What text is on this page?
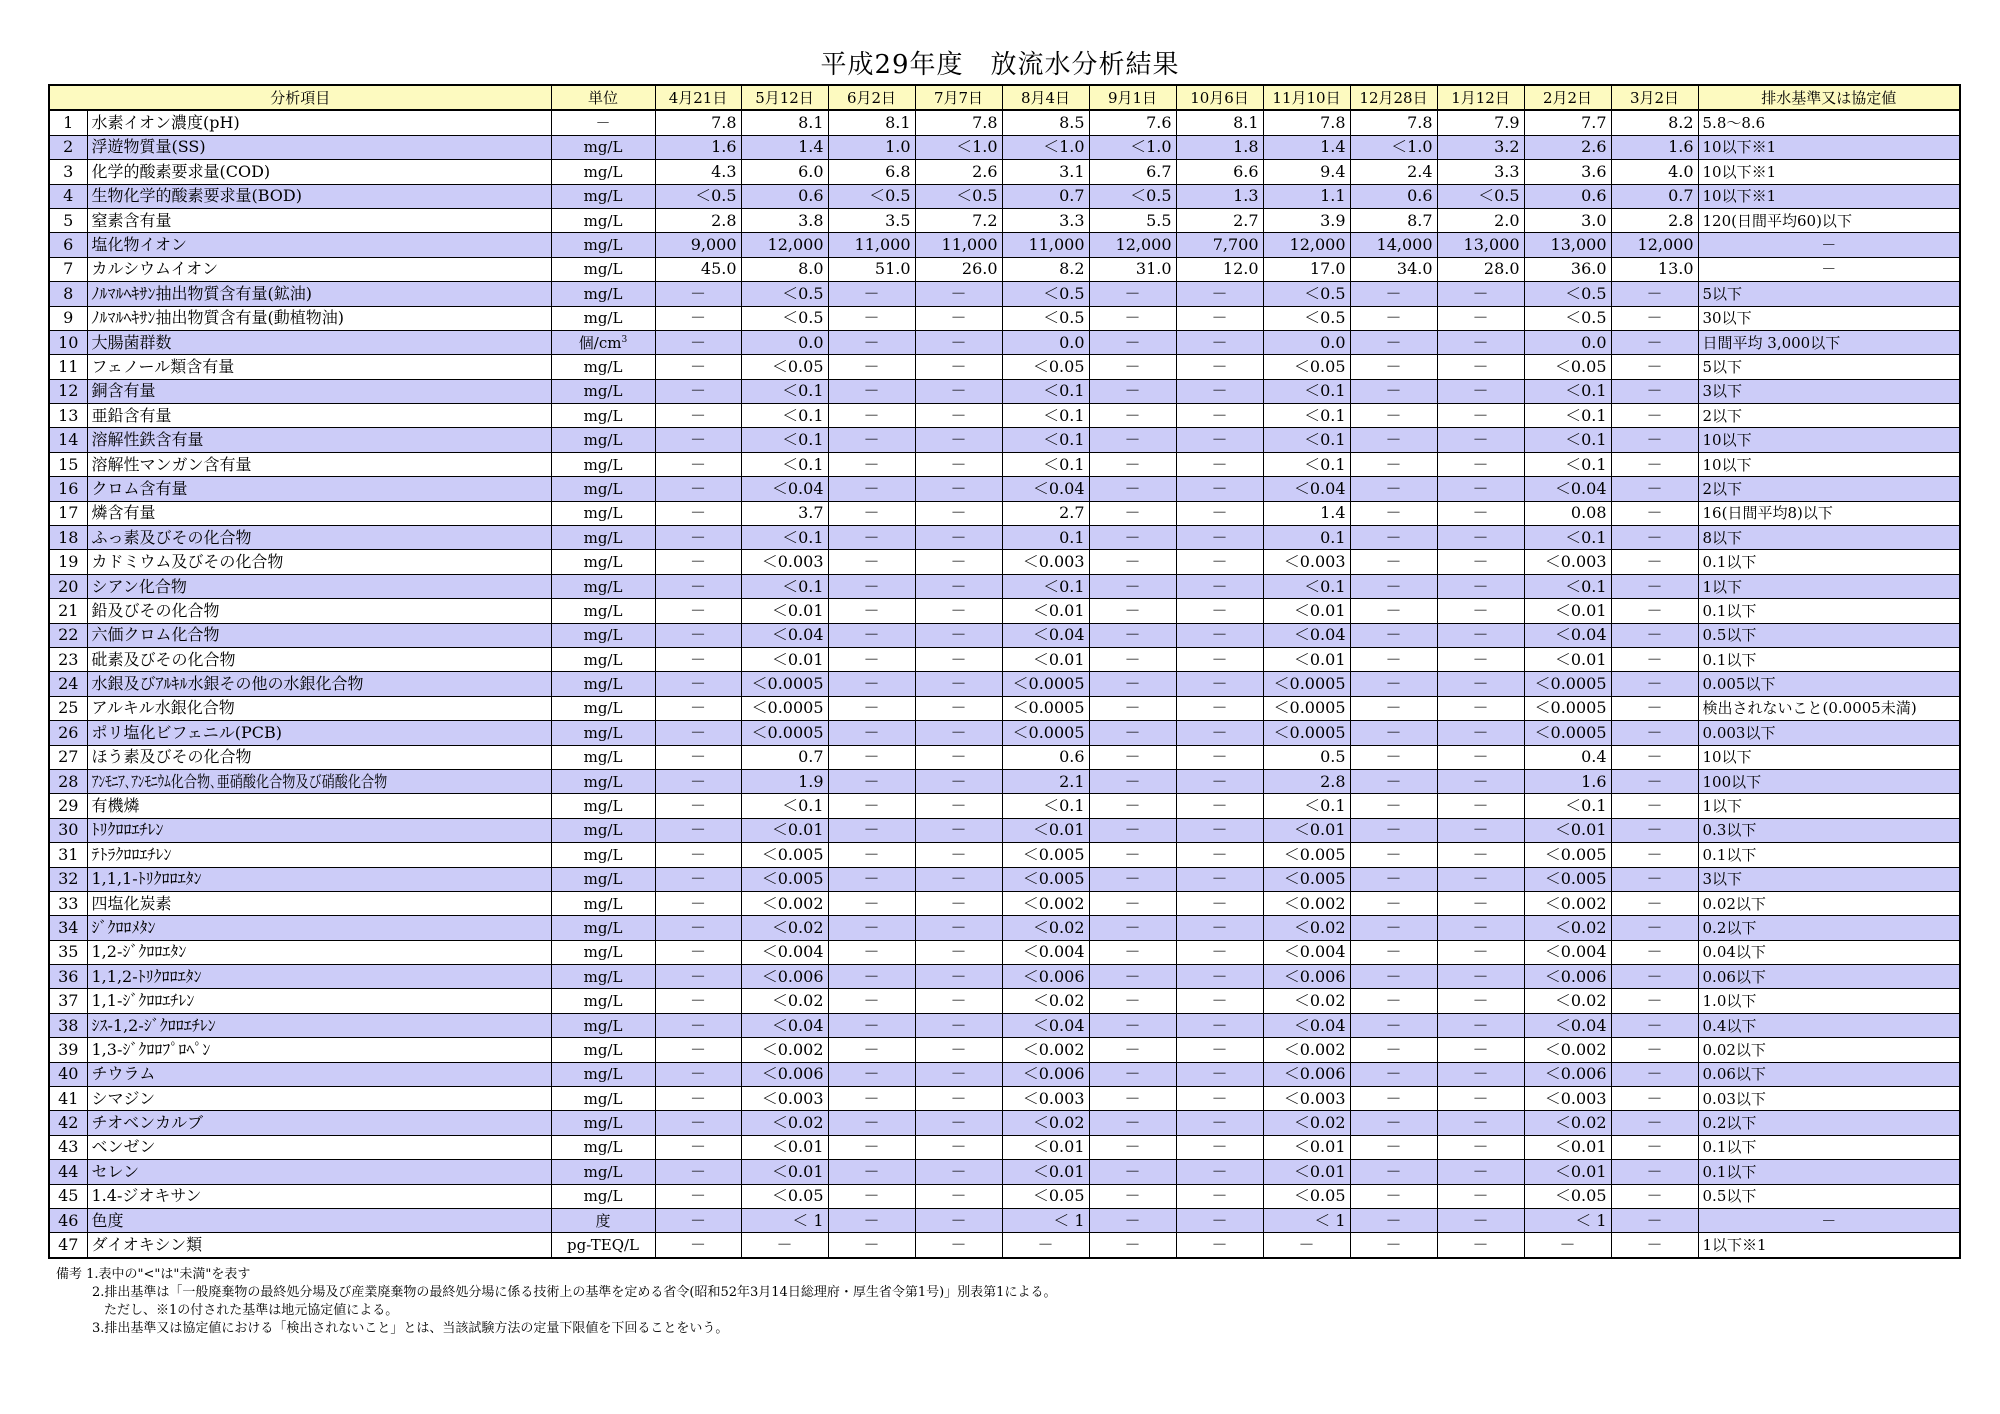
平成29年度　放流水分析結果
分析項目		単位	4月21日	5月12日	6月2日	7月7日	8月4日	9月1日	10月6日	11月10日	12月28日	1月12日	2月2日	3月2日	排水基準又は協定値
1	水素イオン濃度(pH)	－	7.8	8.1	8.1	7.8	8.5	7.6	8.1	7.8	7.8	7.9	7.7	8.2	5.8～8.6
2	浮遊物質量(SS)	mg/L	1.6	1.4	1.0	＜1.0	＜1.0	＜1.0	1.8	1.4	＜1.0	3.2	2.6	1.6	10以下※1
3	化学的酸素要求量(COD)	mg/L	4.3	6.0	6.8	2.6	3.1	6.7	6.6	9.4	2.4	3.3	3.6	4.0	10以下※1
4	生物化学的酸素要求量(BOD)	mg/L	＜0.5	0.6	＜0.5	＜0.5	0.7	＜0.5	1.3	1.1	0.6	＜0.5	0.6	0.7	10以下※1
5	窒素含有量	mg/L	2.8	3.8	3.5	7.2	3.3	5.5	2.7	3.9	8.7	2.0	3.0	2.8	120(日間平均60)以下
6	塩化物イオン	mg/L	9,000	12,000	11,000	11,000	11,000	12,000	7,700	12,000	14,000	13,000	13,000	12,000	－
7	カルシウムイオン	mg/L	45.0	8.0	51.0	26.0	8.2	31.0	12.0	17.0	34.0	28.0	36.0	13.0	－
8	ﾉﾙﾏﾙﾍｷｻﾝ抽出物質含有量(鉱油)	mg/L	－	＜0.5	－	－	＜0.5	－	－	＜0.5	－	－	＜0.5	－	5以下
9	ﾉﾙﾏﾙﾍｷｻﾝ抽出物質含有量(動植物油)	mg/L	－	＜0.5	－	－	＜0.5	－	－	＜0.5	－	－	＜0.5	－	30以下
10	大腸菌群数	個$/cm^3$	－	0.0	－	－	0.0	－	－	0.0	－	－	0.0	－	日間平均 3,000以下
11	フェノール類含有量	mg/L	－	＜0.05	－	－	＜0.05	－	－	＜0.05	－	－	＜0.05	－	5以下
12	銅含有量	mg/L	－	＜0.1	－	－	＜0.1	－	－	＜0.1	－	－	＜0.1	－	3以下
13	亜鉛含有量	mg/L	－	＜0.1	－	－	＜0.1	－	－	＜0.1	－	－	＜0.1	－	2以下
14	溶解性鉄含有量	mg/L	－	＜0.1	－	－	＜0.1	－	－	＜0.1	－	－	＜0.1	－	10以下
15	溶解性マンガン含有量	mg/L	－	＜0.1	－	－	＜0.1	－	－	＜0.1	－	－	＜0.1	－	10以下
16	クロム含有量	mg/L	－	＜0.04	－	－	＜0.04	－	－	＜0.04	－	－	＜0.04	－	2以下
17	燐含有量	mg/L	－	3.7	－	－	2.7	－	－	1.4	－	－	0.08	－	16(日間平均8)以下
18	ふっ素及びその化合物	mg/L	－	＜0.1	－	－	0.1	－	－	0.1	－	－	＜0.1	－	8以下
19	カドミウム及びその化合物	mg/L	－	＜0.003	－	－	＜0.003	－	－	＜0.003	－	－	＜0.003	－	0.1以下
20	シアン化合物	mg/L	－	＜0.1	－	－	＜0.1	－	－	＜0.1	－	－	＜0.1	－	1以下
21	鉛及びその化合物	mg/L	－	＜0.01	－	－	＜0.01	－	－	＜0.01	－	－	＜0.01	－	0.1以下
22	六価クロム化合物	mg/L	－	＜0.04	－	－	＜0.04	－	－	＜0.04	－	－	＜0.04	－	0.5以下
23	砒素及びその化合物	mg/L	－	＜0.01	－	－	＜0.01	－	－	＜0.01	－	－	＜0.01	－	0.1以下
24	水銀及びｱﾙｷﾙ水銀その他の水銀化合物	mg/L	－	＜0.0005	－	－	＜0.0005	－	－	＜0.0005	－	－	＜0.0005	－	0.005以下
25	アルキル水銀化合物	mg/L	－	＜0.0005	－	－	＜0.0005	－	－	＜0.0005	－	－	＜0.0005	－	検出されないこと(0.0005未満)
26	ポリ塩化ビフェニル(PCB)	mg/L	－	＜0.0005	－	－	＜0.0005	－	－	＜0.0005	－	－	＜0.0005	－	0.003以下
27	ほう素及びその化合物	mg/L	－	0.7	－	－	0.6	－	－	0.5	－	－	0.4	－	10以下
28	ｱﾝﾓﾆｱ､ｱﾝﾓﾆｳﾑ化合物､亜硝酸化合物及び硝酸化合物	mg/L	－	1.9	－	－	2.1	－	－	2.8	－	－	1.6	－	100以下
29	有機燐	mg/L	－	＜0.1	－	－	＜0.1	－	－	＜0.1	－	－	＜0.1	－	1以下
30	ﾄﾘｸﾛﾛｴﾁﾚﾝ	mg/L	－	＜0.01	－	－	＜0.01	－	－	＜0.01	－	－	＜0.01	－	0.3以下
31	ﾃﾄﾗｸﾛﾛｴﾁﾚﾝ	mg/L	－	＜0.005	－	－	＜0.005	－	－	＜0.005	－	－	＜0.005	－	0.1以下
32	1,1,1-ﾄﾘｸﾛﾛｴﾀﾝ	mg/L	－	＜0.005	－	－	＜0.005	－	－	＜0.005	－	－	＜0.005	－	3以下
33	四塩化炭素	mg/L	－	＜0.002	－	－	＜0.002	－	－	＜0.002	－	－	＜0.002	－	0.02以下
34	ｼﾞｸﾛﾛﾒﾀﾝ	mg/L	－	＜0.02	－	－	＜0.02	－	－	＜0.02	－	－	＜0.02	－	0.2以下
35	1,2-ｼﾞｸﾛﾛｴﾀﾝ	mg/L	－	＜0.004	－	－	＜0.004	－	－	＜0.004	－	－	＜0.004	－	0.04以下
36	1,1,2-ﾄﾘｸﾛﾛｴﾀﾝ	mg/L	－	＜0.006	－	－	＜0.006	－	－	＜0.006	－	－	＜0.006	－	0.06以下
37	1,1-ｼﾞｸﾛﾛｴﾁﾚﾝ	mg/L	－	＜0.02	－	－	＜0.02	－	－	＜0.02	－	－	＜0.02	－	1.0以下
38	ｼｽ-1,2-ｼﾞｸﾛﾛｴﾁﾚﾝ	mg/L	－	＜0.04	－	－	＜0.04	－	－	＜0.04	－	－	＜0.04	－	0.4以下
39	1,3-ｼﾞｸﾛﾛﾌﾟﾛﾍﾟﾝ	mg/L	－	＜0.002	－	－	＜0.002	－	－	＜0.002	－	－	＜0.002	－	0.02以下
40	チウラム	mg/L	－	＜0.006	－	－	＜0.006	－	－	＜0.006	－	－	＜0.006	－	0.06以下
41	シマジン	mg/L	－	＜0.003	－	－	＜0.003	－	－	＜0.003	－	－	＜0.003	－	0.03以下
42	チオベンカルブ	mg/L	－	＜0.02	－	－	＜0.02	－	－	＜0.02	－	－	＜0.02	－	0.2以下
43	ベンゼン	mg/L	－	＜0.01	－	－	＜0.01	－	－	＜0.01	－	－	＜0.01	－	0.1以下
44	セレン	mg/L	－	＜0.01	－	－	＜0.01	－	－	＜0.01	－	－	＜0.01	－	0.1以下
45	1.4-ジオキサン	mg/L	－	＜0.05	－	－	＜0.05	－	－	＜0.05	－	－	＜0.05	－	0.5以下
46	色度	度	－	＜ 1	－	－	＜ 1	－	－	＜ 1	－	－	＜ 1	－	－
47	ダイオキシン類	pg-TEQ/L	－	－	－	－	－	－	－	－	－	－	－	－	1以下※1
備考 1.表中の"<"は"未満"を表す
2.排出基準は「一般廃棄物の最終処分場及び産業廃棄物の最終処分場に係る技術上の基準を定める省令(昭和52年3月14日総理府・厚生省令第1号)」別表第1による。
ただし、※1の付された基準は地元協定値による。
3.排出基準又は協定値における「検出されないこと」とは、当該試験方法の定量下限値を下回ることをいう。
